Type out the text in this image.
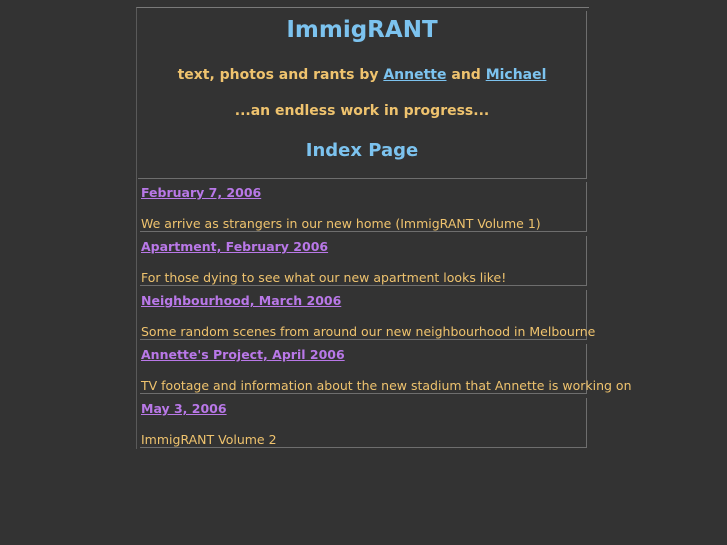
ImmigRANT

text, photos and rants by Annette and Michael

...an endless work in progress...

Index Page
February 7, 2006
We arrive as strangers in our new home (ImmigRANT Volume 1)
Apartment, February 2006
For those dying to see what our new apartment looks like!
Neighbourhood, March 2006
Some random scenes from around our new neighbourhood in Melbourne
Annette's Project, April 2006
TV footage and information about the new stadium that Annette is working on
May 3, 2006
ImmigRANT Volume 2
